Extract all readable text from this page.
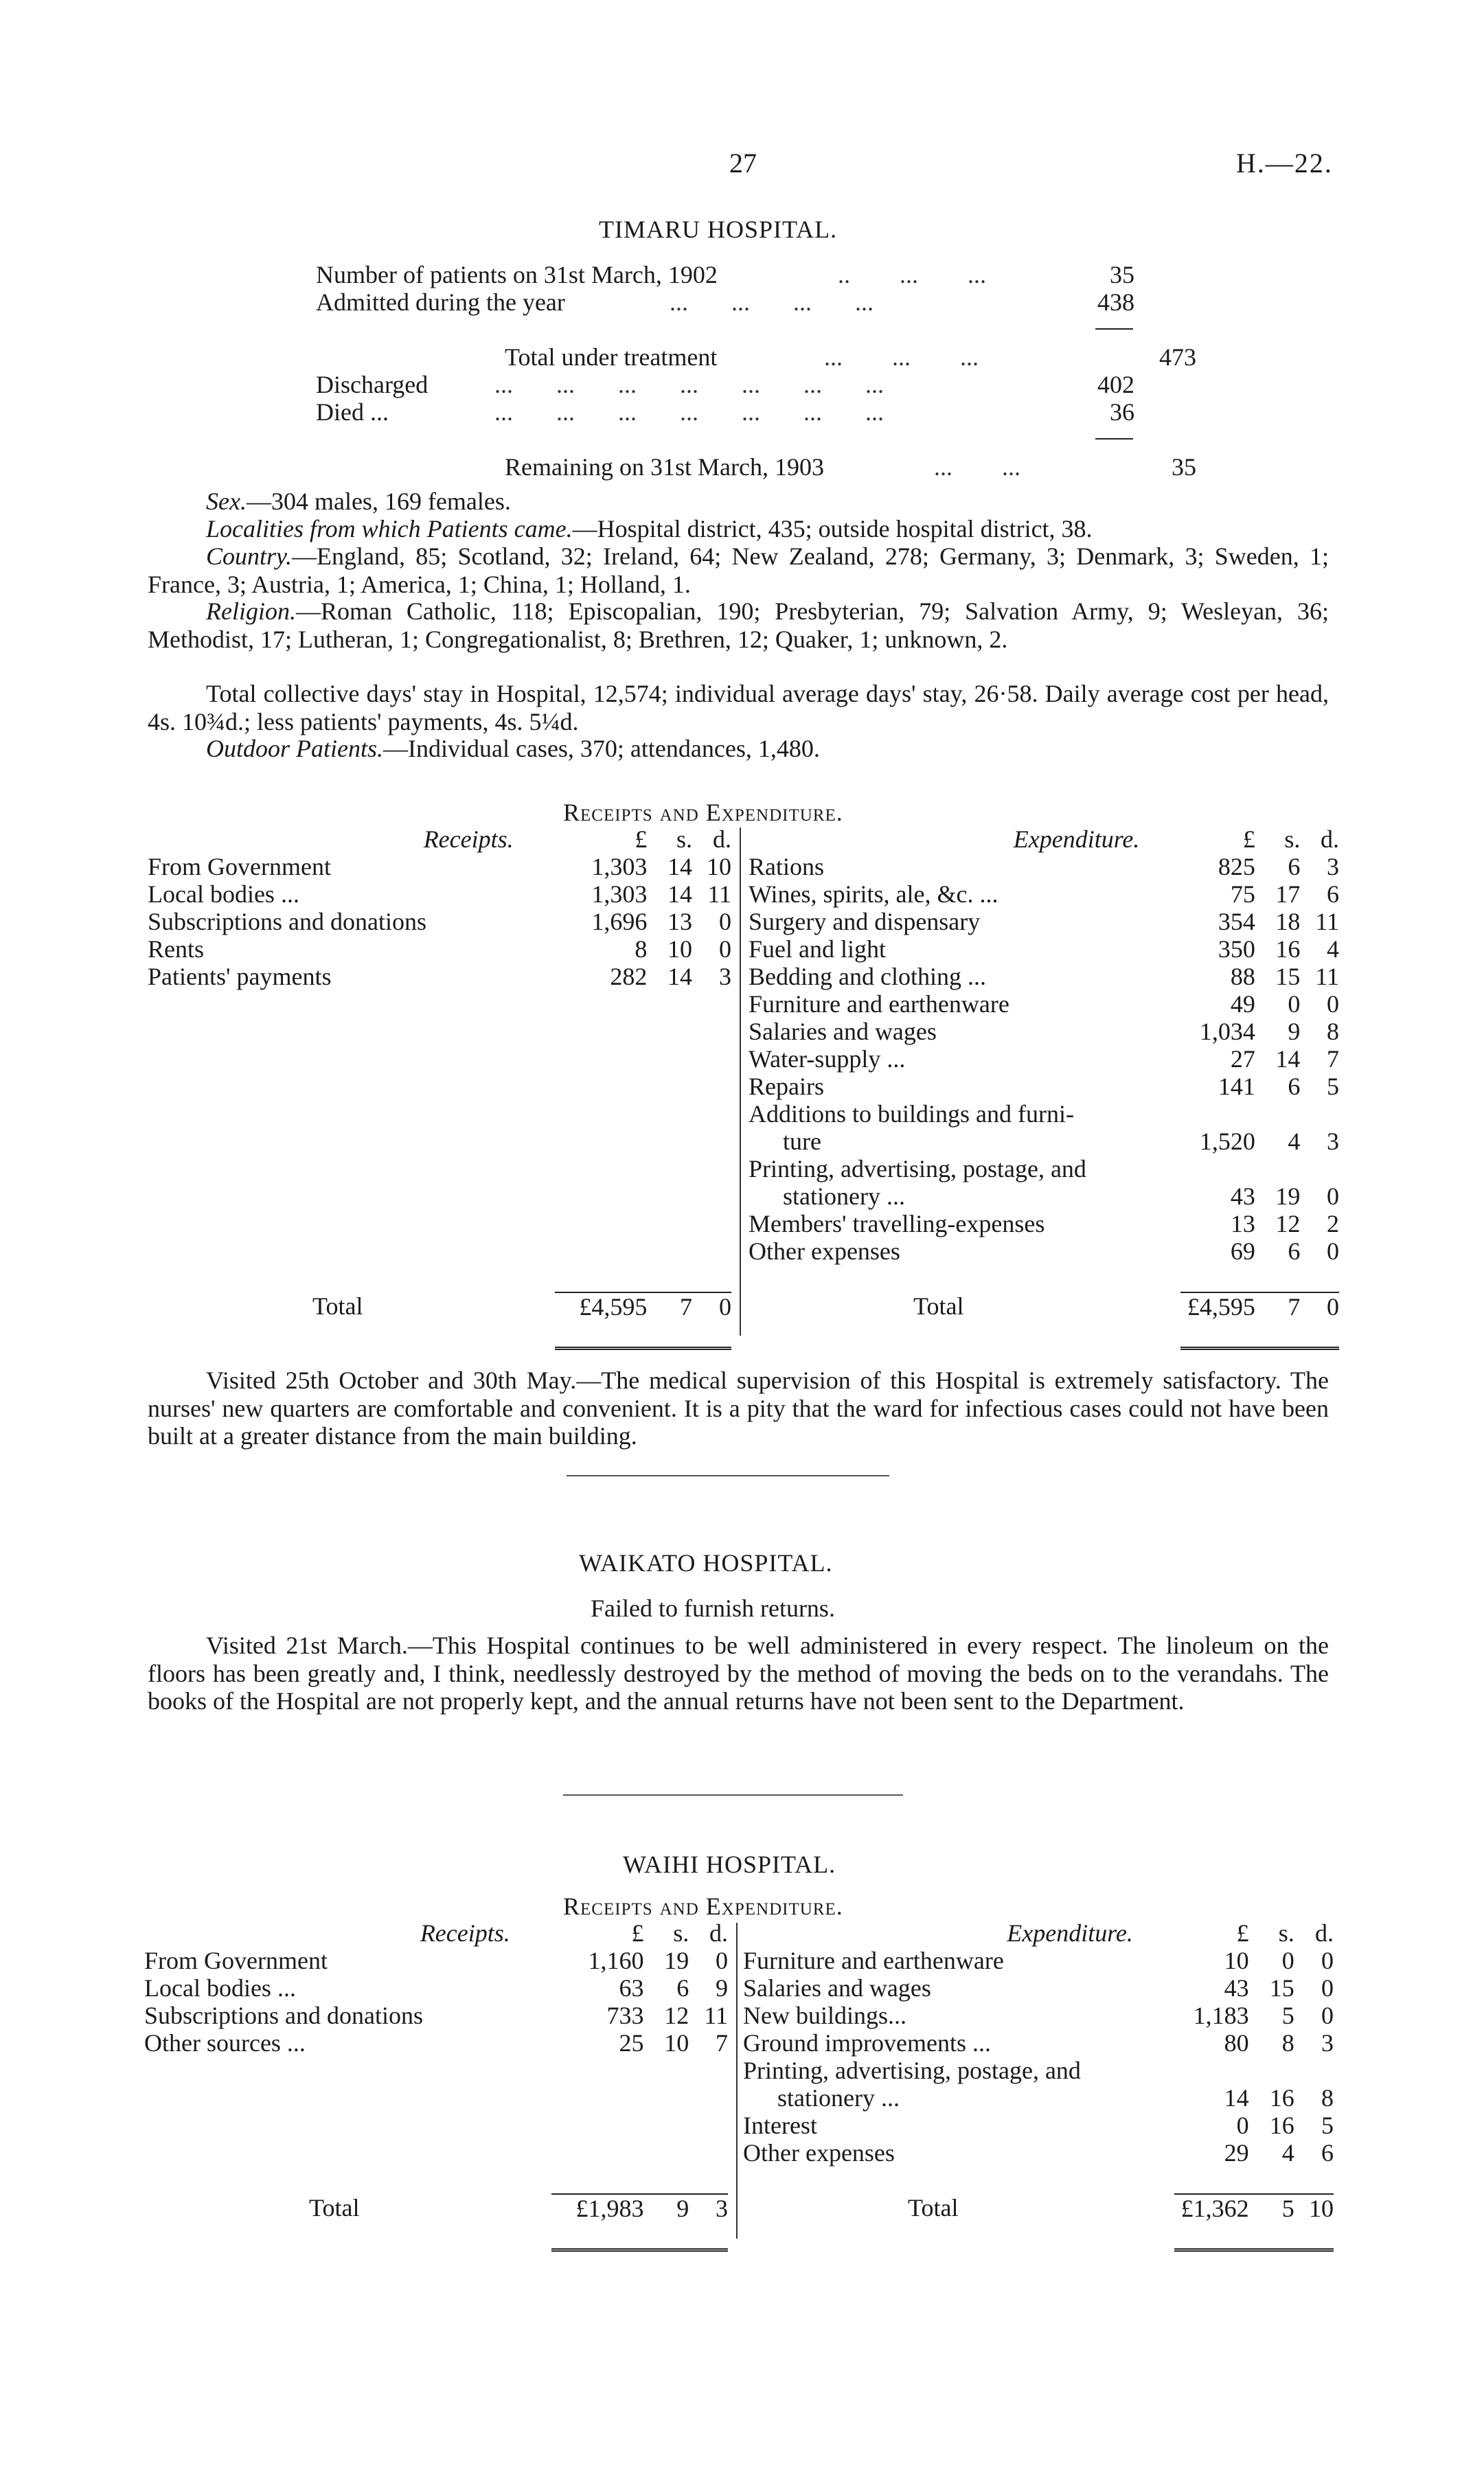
27	H.—22.
TIMARU HOSPITAL.
Number of patients on 31st March, 1902	..        ...        ...	35
Admitted during the year	...       ...       ...       ...	438
Total under treatment	...        ...        ...	473
Discharged	...       ...       ...       ...       ...       ...       ...	402
Died ...	...       ...       ...       ...       ...       ...       ...	36
Remaining on 31st March, 1903	...        ...	35
Sex.—304 males, 169 females.
Localities from which Patients came.—Hospital district, 435; outside hospital district, 38.
Country.—England, 85; Scotland, 32; Ireland, 64; New Zealand, 278; Germany, 3; Denmark, 3; Sweden, 1; France, 3; Austria, 1; America, 1; China, 1; Holland, 1.
Religion.—Roman Catholic, 118; Episcopalian, 190; Presbyterian, 79; Salvation Army, 9; Wesleyan, 36; Methodist, 17; Lutheran, 1; Congregationalist, 8; Brethren, 12; Quaker, 1; unknown, 2.
Total collective days' stay in Hospital, 12,574; individual average days' stay, 26·58. Daily average cost per head, 4s. 10¾d.; less patients' payments, 4s. 5¼d.
Outdoor Patients.—Individual cases, 370; attendances, 1,480.
Receipts and Expenditure.
Receipts.	£	s.	d.
From Government	1,303	14	10
Local bodies ...	1,303	14	11
Subscriptions and donations	1,696	13	0
Rents	8	10	0
Patients' payments	282	14	3

Total	£4,595	7	0

Expenditure.	£	s.	d.
Rations	825	6	3
Wines, spirits, ale, &c. ...	75	17	6
Surgery and dispensary	354	18	11
Fuel and light	350	16	4
Bedding and clothing ...	88	15	11
Furniture and earthenware	49	0	0
Salaries and wages	1,034	9	8
Water-supply ...	27	14	7
Repairs	141	6	5
Additions to buildings and furni-			
ture	1,520	4	3
Printing, advertising, postage, and			
stationery ...	43	19	0
Members' travelling-expenses	13	12	2
Other expenses	69	6	0

Total	£4,595	7	0

Visited 25th October and 30th May.—The medical supervision of this Hospital is extremely satisfactory. The nurses' new quarters are comfortable and convenient. It is a pity that the ward for infectious cases could not have been built at a greater distance from the main building.
WAIKATO HOSPITAL.
Failed to furnish returns.
Visited 21st March.—This Hospital continues to be well administered in every respect. The linoleum on the floors has been greatly and, I think, needlessly destroyed by the method of moving the beds on to the verandahs. The books of the Hospital are not properly kept, and the annual returns have not been sent to the Department.
WAIHI HOSPITAL.
Receipts and Expenditure.
Receipts.	£	s.	d.
From Government	1,160	19	0
Local bodies ...	63	6	9
Subscriptions and donations	733	12	11
Other sources ...	25	10	7

Total	£1,983	9	3

Expenditure.	£	s.	d.
Furniture and earthenware	10	0	0
Salaries and wages	43	15	0
New buildings...	1,183	5	0
Ground improvements ...	80	8	3
Printing, advertising, postage, and			
stationery ...	14	16	8
Interest	0	16	5
Other expenses	29	4	6

Total	£1,362	5	10
